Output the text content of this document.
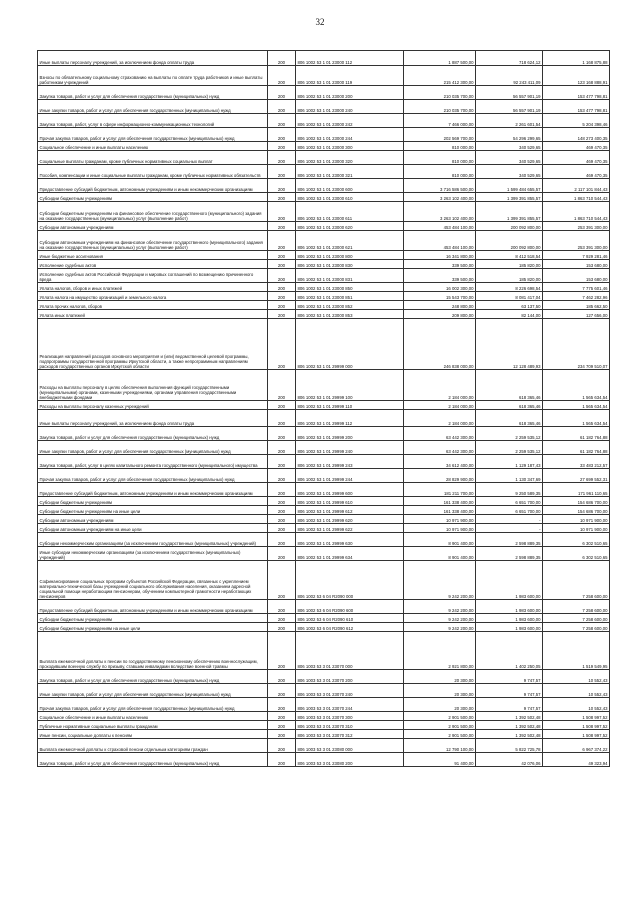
32
Иные выплаты персоналу учреждений, за исключением фонда оплаты труда	200	806 1002 53 1 01 23000 112	1 887 500,00	718 624,12	1 168 875,88
Взносы по обязательному социальному страхованию на выплаты по оплате труда работников и иные выплаты работникам учреждений	200	806 1002 53 1 01 23000 119	215 412 300,00	92 243 411,09	123 168 888,91
Закупка товаров, работ и услуг для обеспечения государственных (муниципальных) нужд	200	806 1002 53 1 01 23000 200	210 035 700,00	56 557 901,19	153 477 798,81
Иные закупки товаров, работ и услуг для обеспечения государственных (муниципальных) нужд	200	806 1002 53 1 01 23000 240	210 035 700,00	56 557 901,19	153 477 798,81
Закупка товаров, работ, услуг в сфере информационно-коммуникационных технологий	200	806 1002 53 1 01 23000 242	7 466 000,00	2 261 601,54	5 204 398,46
Прочая закупка товаров, работ и услуг для обеспечения государственных (муниципальных) нужд	200	806 1002 53 1 01 23000 244	202 569 700,00	54 296 299,65	148 273 400,35
Социальное обеспечение и иные выплаты населению	200	806 1002 53 1 01 23000 300	810 000,00	340 529,65	469 470,35
Социальные выплаты гражданам, кроме публичных нормативных социальных выплат	200	806 1002 53 1 01 23000 320	810 000,00	340 529,65	469 470,35
Пособия, компенсации и иные социальные выплаты гражданам, кроме публичных нормативных обязательств	200	806 1002 53 1 01 23000 321	810 000,00	340 529,65	469 470,35
Предоставление субсидий бюджетным, автономным учреждениям и иным некоммерческим организациям	200	806 1002 53 1 01 23000 600	3 716 586 500,00	1 599 484 655,57	2 117 101 844,43
Субсидии бюджетным учреждениям	200	806 1002 53 1 01 23000 610	3 263 102 400,00	1 399 391 855,57	1 863 710 544,43
Субсидии бюджетным учреждениям на финансовое обеспечение государственного (муниципального) задания на оказание государственных (муниципальных) услуг (выполнение работ)	200	806 1002 53 1 01 23000 611	3 263 102 400,00	1 399 391 855,57	1 863 710 544,43
Субсидии автономным учреждениям	200	806 1002 53 1 01 23000 620	453 484 100,00	200 092 800,00	253 391 300,00
Субсидии автономным учреждениям на финансовое обеспечение государственного (муниципального) задания на оказание государственных (муниципальных) услуг (выполнение работ)	200	806 1002 53 1 01 23000 621	453 484 100,00	200 092 800,00	253 391 300,00
Иные бюджетные ассигнования	200	806 1002 53 1 01 23000 800	16 341 800,00	8 412 518,54	7 929 281,46
Исполнение судебных актов	200	806 1002 53 1 01 23000 830	339 500,00	185 820,00	153 680,00
Исполнение судебных актов Российской Федерации и мировых соглашений по возмещению причиненного вреда	200	806 1002 53 1 01 23000 831	339 500,00	185 820,00	153 680,00
Уплата налогов, сборов и иных платежей	200	806 1002 53 1 01 23000 850	16 002 300,00	8 226 698,54	7 775 601,46
Уплата налога на имущество организаций и земельного налога	200	806 1002 53 1 01 23000 851	15 543 700,00	8 081 417,04	7 462 282,96
Уплата прочих налогов, сборов	200	806 1002 53 1 01 23000 852	248 800,00	63 137,50	185 662,50
Уплата иных платежей	200	806 1002 53 1 01 23000 853	209 800,00	82 144,00	127 656,00
Реализация направлений расходов основного мероприятия и (или) ведомственной целевой программы, подпрограммы государственной программы Иркутской области, а также непрограммным направлениям расходов государственных органов Иркутской области	200	806 1002 53 1 01 29999 000	246 838 000,00	12 128 489,93	234 709 510,07
Расходы на выплаты персоналу в целях обеспечения выполнения функций государственными (муниципальными) органами, казенными учреждениями, органами управления государственными внебюджетными фондами	200	806 1002 53 1 01 29999 100	2 184 000,00	618 365,46	1 565 634,54
Расходы на выплаты персоналу казенных учреждений	200	806 1002 53 1 01 29999 110	2 184 000,00	618 365,46	1 565 634,54
Иные выплаты персоналу учреждений, за исключением фонда оплаты труда	200	806 1002 53 1 01 29999 112	2 184 000,00	618 365,46	1 565 634,54
Закупка товаров, работ и услуг для обеспечения государственных (муниципальных) нужд	200	806 1002 53 1 01 29999 200	63 442 300,00	2 259 535,12	61 182 764,88
Иные закупки товаров, работ и услуг для обеспечения государственных (муниципальных) нужд	200	806 1002 53 1 01 29999 240	63 442 300,00	2 259 535,12	61 182 764,88
Закупка товаров, работ, услуг в целях капитального ремонта государственного (муниципального) имущества	200	806 1002 53 1 01 29999 243	34 612 400,00	1 129 187,43	33 483 212,57
Прочая закупка товаров, работ и услуг для обеспечения государственных (муниципальных) нужд	200	806 1002 53 1 01 29999 244	28 829 900,00	1 130 347,69	27 699 552,31
Предоставление субсидий бюджетным, автономным учреждениям и иным некоммерческим организациям	200	806 1002 53 1 01 29999 600	181 211 700,00	9 250 589,35	171 961 110,65
Субсидии бюджетным учреждениям	200	806 1002 53 1 01 29999 610	161 338 400,00	6 651 700,00	154 686 700,00
Субсидии бюджетным учреждениям на иные цели	200	806 1002 53 1 01 29999 612	161 338 400,00	6 651 700,00	154 686 700,00
Субсидии автономным учреждениям	200	806 1002 53 1 01 29999 620	10 971 900,00	-	10 971 900,00
Субсидии автономным учреждениям на иные цели	200	806 1002 53 1 01 29999 622	10 971 900,00	-	10 971 900,00
Субсидии некоммерческим организациям (за исключением государственных (муниципальных) учреждений)	200	806 1002 53 1 01 29999 630	8 901 400,00	2 598 889,35	6 302 510,65
Иные субсидии некоммерческим организациям (за исключением государственных (муниципальных) учреждений)	200	806 1002 53 1 01 29999 634	8 901 400,00	2 598 889,35	6 302 510,65
Софинансирование социальных программ субъектов Российской Федерации, связанных с укреплением материально-технической базы учреждений социального обслуживания населения, оказанием адресной социальной помощи неработающим пенсионерам, обучением компьютерной грамотности неработающих пенсионеров	200	806 1002 53 6 04 R2090 000	9 242 200,00	1 983 600,00	7 258 600,00
Предоставление субсидий бюджетным, автономным учреждениям и иным некоммерческим организациям	200	806 1002 53 6 04 R2090 600	9 242 200,00	1 983 600,00	7 258 600,00
Субсидии бюджетным учреждениям	200	806 1002 53 6 04 R2090 610	9 242 200,00	1 983 600,00	7 258 600,00
Субсидии бюджетным учреждениям на иные цели	200	806 1002 53 6 04 R2090 612	9 242 200,00	1 983 600,00	7 258 600,00
Выплата ежемесячной доплаты к пенсии по государственному пенсионному обеспечению военнослужащим, проходившим военную службу по призыву, ставшим инвалидами вследствие военной травмы	200	806 1003 53 3 01 23070 000	2 921 800,00	1 402 250,05	1 519 549,95
Закупка товаров, работ и услуг для обеспечения государственных (муниципальных) нужд	200	806 1003 53 3 01 23070 200	20 300,00	9 747,57	10 552,43
Иные закупки товаров, работ и услуг для обеспечения государственных (муниципальных) нужд	200	806 1003 53 3 01 23070 240	20 300,00	9 747,57	10 552,43
Прочая закупка товаров, работ и услуг для обеспечения государственных (муниципальных) нужд	200	806 1003 53 3 01 23070 244	20 300,00	9 747,57	10 552,43
Социальное обеспечение и иные выплаты населению	200	806 1003 53 3 01 23070 300	2 901 500,00	1 392 502,48	1 508 997,52
Публичные нормативные социальные выплаты гражданам	200	806 1003 53 3 01 23070 310	2 901 500,00	1 392 502,48	1 508 997,52
Иные пенсии, социальные доплаты к пенсиям	200	806 1003 53 3 01 23070 312	2 901 500,00	1 392 502,48	1 508 997,52
Выплата ежемесячной доплаты к страховой пенсии отдельным категориям граждан	200	806 1003 53 3 01 23080 000	12 790 100,00	5 822 725,78	6 967 374,22
Закупка товаров, работ и услуг для обеспечения государственных (муниципальных) нужд	200	806 1003 53 3 01 23080 200	91 400,00	42 076,06	49 323,94
